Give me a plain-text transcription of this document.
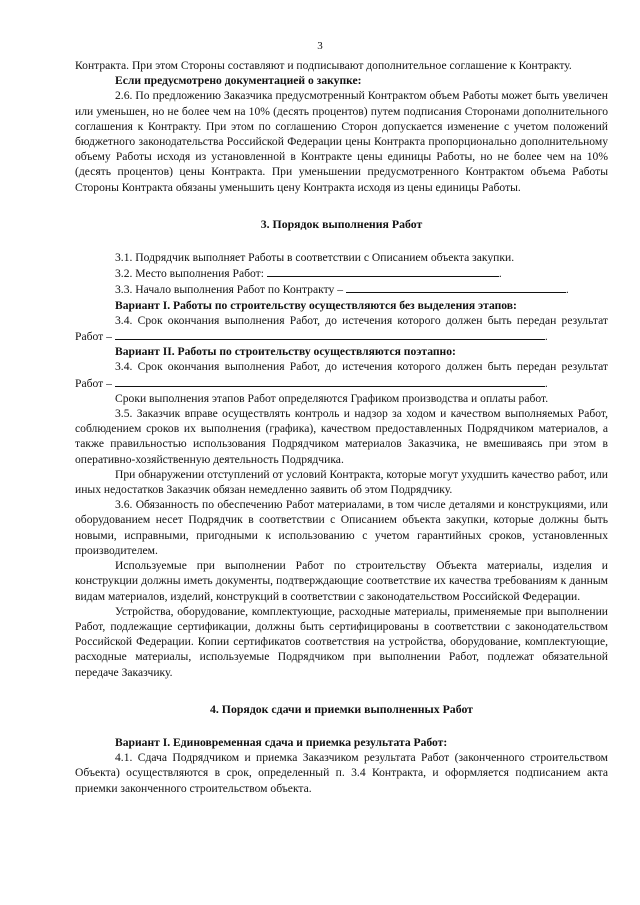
3

Контракта. При этом Стороны составляют и подписывают дополнительное соглашение к Контракту.

Если предусмотрено документацией о закупке:

2.6. По предложению Заказчика предусмотренный Контрактом объем Работы может быть увеличен или уменьшен, но не более чем на 10% (десять процентов) путем подписания Сторонами дополнительного соглашения к Контракту. При этом по соглашению Сторон допускается изменение с учетом положений бюджетного законодательства Российской Федерации цены Контракта пропорционально дополнительному объему Работы исходя из установленной в Контракте цены единицы Работы, но не более чем на 10% (десять процентов) цены Контракта. При уменьшении предусмотренного Контрактом объема Работы Стороны Контракта обязаны уменьшить цену Контракта исходя из цены единицы Работы.

3. Порядок выполнения Работ

3.1. Подрядчик выполняет Работы в соответствии с Описанием объекта закупки.

3.2. Место выполнения Работ:	.

3.3. Начало выполнения Работ по Контракту –	.

Вариант I. Работы по строительству осуществляются без выделения этапов:

3.4. Срок окончания выполнения Работ, до истечения которого должен быть передан результат Работ –	.

Вариант II. Работы по строительству осуществляются поэтапно:

3.4. Срок окончания выполнения Работ, до истечения которого должен быть передан результат Работ –	.

Сроки выполнения этапов Работ определяются Графиком производства и оплаты работ.

3.5. Заказчик вправе осуществлять контроль и надзор за ходом и качеством выполняемых Работ, соблюдением сроков их выполнения (графика), качеством предоставленных Подрядчиком материалов, а также правильностью использования Подрядчиком материалов Заказчика, не вмешиваясь при этом в оперативно-хозяйственную деятельность Подрядчика.

При обнаружении отступлений от условий Контракта, которые могут ухудшить качество работ, или иных недостатков Заказчик обязан немедленно заявить об этом Подрядчику.

3.6. Обязанность по обеспечению Работ материалами, в том числе деталями и конструкциями, или оборудованием несет Подрядчик в соответствии с Описанием объекта закупки, которые должны быть новыми, исправными, пригодными к использованию с учетом гарантийных сроков, установленных производителем.

Используемые при выполнении Работ по строительству Объекта материалы, изделия и конструкции должны иметь документы, подтверждающие соответствие их качества требованиям к данным видам материалов, изделий, конструкций в соответствии с законодательством Российской Федерации.

Устройства, оборудование, комплектующие, расходные материалы, применяемые при выполнении Работ, подлежащие сертификации, должны быть сертифицированы в соответствии с законодательством Российской Федерации. Копии сертификатов соответствия на устройства, оборудование, комплектующие, расходные материалы, используемые Подрядчиком при выполнении Работ, подлежат обязательной передаче Заказчику.

4. Порядок сдачи и приемки выполненных Работ

Вариант I. Единовременная сдача и приемка результата Работ:

4.1. Сдача Подрядчиком и приемка Заказчиком результата Работ (законченного строительством Объекта) осуществляются в срок, определенный п. 3.4 Контракта, и оформляется подписанием акта приемки законченного строительством объекта.
